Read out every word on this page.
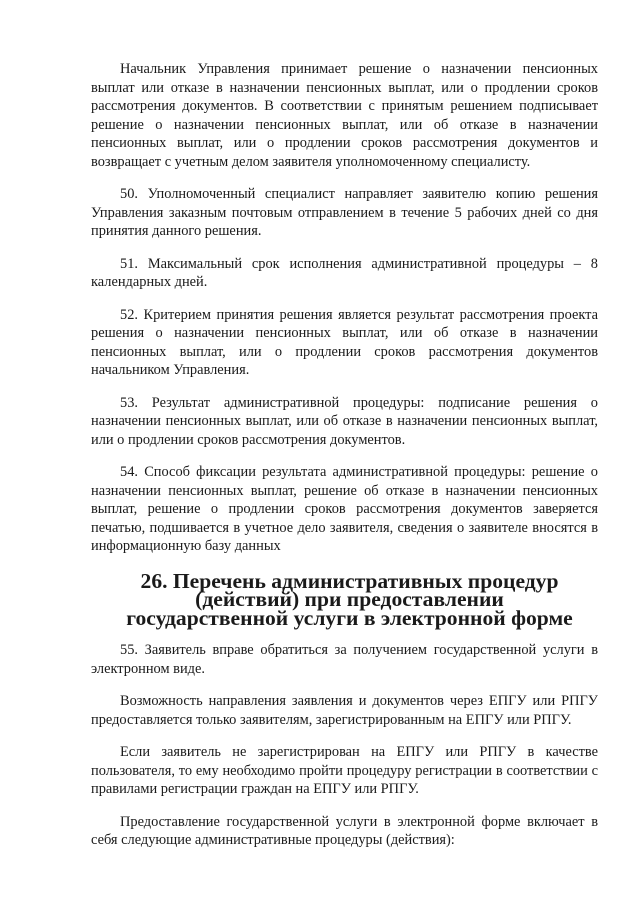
Начальник Управления принимает решение о назначении пенсионных выплат или отказе в назначении пенсионных выплат, или о продлении сроков рассмотрения документов. В соответствии с принятым решением подписывает решение о назначении пенсионных выплат, или об отказе в назначении пенсионных выплат, или о продлении сроков рассмотрения документов и возвращает с учетным делом заявителя уполномоченному специалисту.

50. Уполномоченный специалист направляет заявителю копию решения Управления заказным почтовым отправлением в течение 5 рабочих дней со дня принятия данного решения.

51. Максимальный срок исполнения административной процедуры – 8 календарных дней.

52. Критерием принятия решения является результат рассмотрения проекта решения о назначении пенсионных выплат, или об отказе в назначении пенсионных выплат, или о продлении сроков рассмотрения документов начальником Управления.

53. Результат административной процедуры: подписание решения о назначении пенсионных выплат, или об отказе в назначении пенсионных выплат, или о продлении сроков рассмотрения документов.

54. Способ фиксации результата административной процедуры: решение о назначении пенсионных выплат, решение об отказе в назначении пенсионных выплат, решение о продлении сроков рассмотрения документов заверяется печатью, подшивается в учетное дело заявителя, сведения о заявителе вносятся в информационную базу данных

26. Перечень административных процедур (действий) при предоставлении государственной услуги в электронной форме

55. Заявитель вправе обратиться за получением государственной услуги в электронном виде.

Возможность направления заявления и документов через ЕПГУ или РПГУ предоставляется только заявителям, зарегистрированным на ЕПГУ или РПГУ.

Если заявитель не зарегистрирован на ЕПГУ или РПГУ в качестве пользователя, то ему необходимо пройти процедуру регистрации в соответствии с правилами регистрации граждан на ЕПГУ или РПГУ.

Предоставление государственной услуги в электронной форме включает в себя следующие административные процедуры (действия):
